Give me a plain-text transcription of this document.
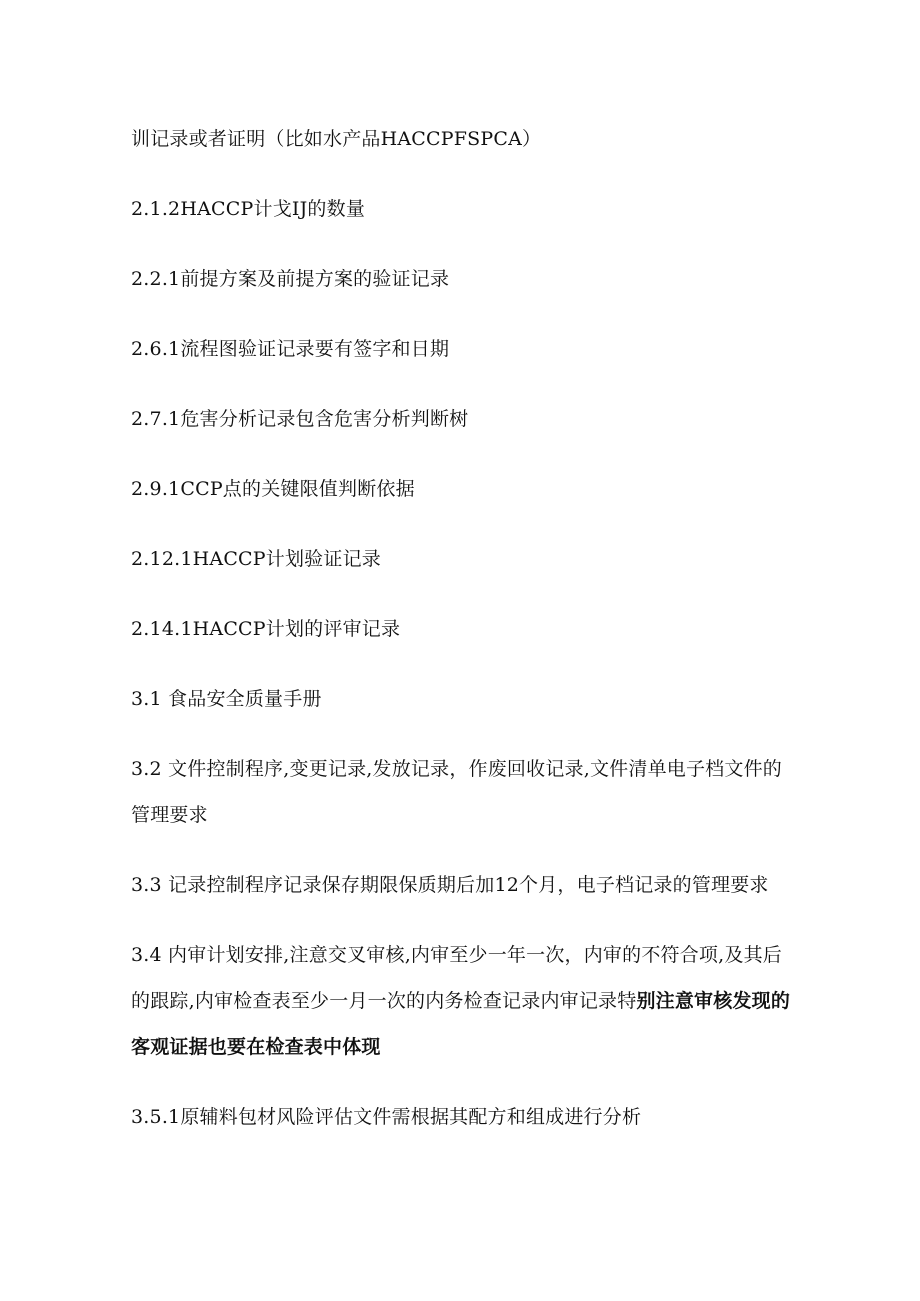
训记录或者证明（比如水产品HACCPFSPCA）

2.1.2HACCP计戈IJ的数量

2.2.1前提方案及前提方案的验证记录

2.6.1流程图验证记录要有签字和日期

2.7.1危害分析记录包含危害分析判断树

2.9.1CCP点的关键限值判断依据

2.12.1HACCP计划验证记录

2.14.1HACCP计划的评审记录

3.1 食品安全质量手册

3.2 文件控制程序,变更记录,发放记录，作废回收记录,文件清单电子档文件的管理要求

3.3 记录控制程序记录保存期限保质期后加12个月，电子档记录的管理要求

3.4 内审计划安排,注意交叉审核,内审至少一年一次，内审的不符合项,及其后的跟踪,内审检查表至少一月一次的内务检查记录内审记录特别注意审核发现的客观证据也要在检查表中体现

3.5.1原辅料包材风险评估文件需根据其配方和组成进行分析
